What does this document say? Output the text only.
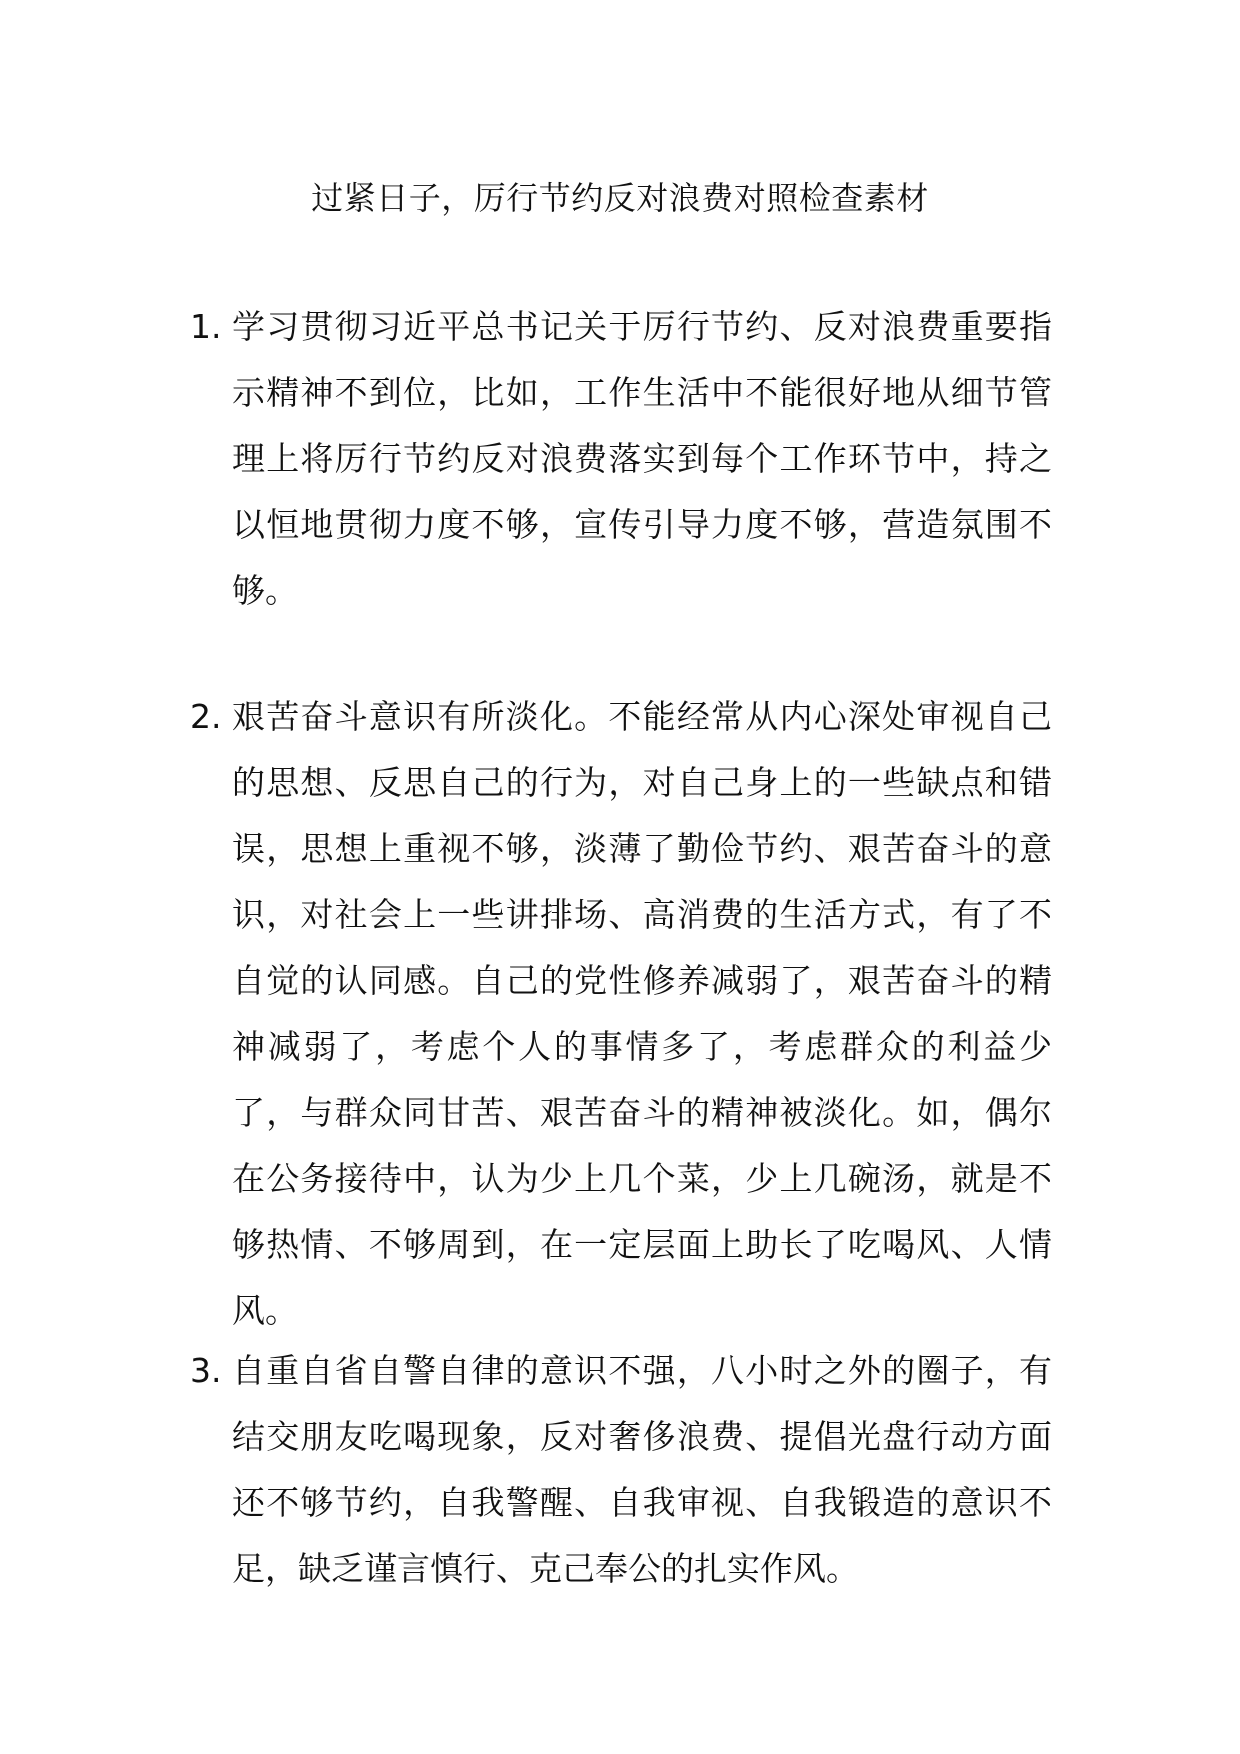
过紧日子，厉行节约反对浪费对照检查素材
1. 学习贯彻习近平总书记关于厉行节约、反对浪费重要指示精神不到位，比如，工作生活中不能很好地从细节管理上将厉行节约反对浪费落实到每个工作环节中，持之以恒地贯彻力度不够，宣传引导力度不够，营造氛围不够。
2. 艰苦奋斗意识有所淡化。不能经常从内心深处审视自己的思想、反思自己的行为，对自己身上的一些缺点和错误，思想上重视不够，淡薄了勤俭节约、艰苦奋斗的意识，对社会上一些讲排场、高消费的生活方式，有了不自觉的认同感。自己的党性修养减弱了，艰苦奋斗的精神减弱了，考虑个人的事情多了，考虑群众的利益少了，与群众同甘苦、艰苦奋斗的精神被淡化。如，偶尔在公务接待中，认为少上几个菜，少上几碗汤，就是不够热情、不够周到，在一定层面上助长了吃喝风、人情风。
3. 自重自省自警自律的意识不强，八小时之外的圈子，有结交朋友吃喝现象，反对奢侈浪费、提倡光盘行动方面还不够节约，自我警醒、自我审视、自我锻造的意识不足，缺乏谨言慎行、克己奉公的扎实作风。
